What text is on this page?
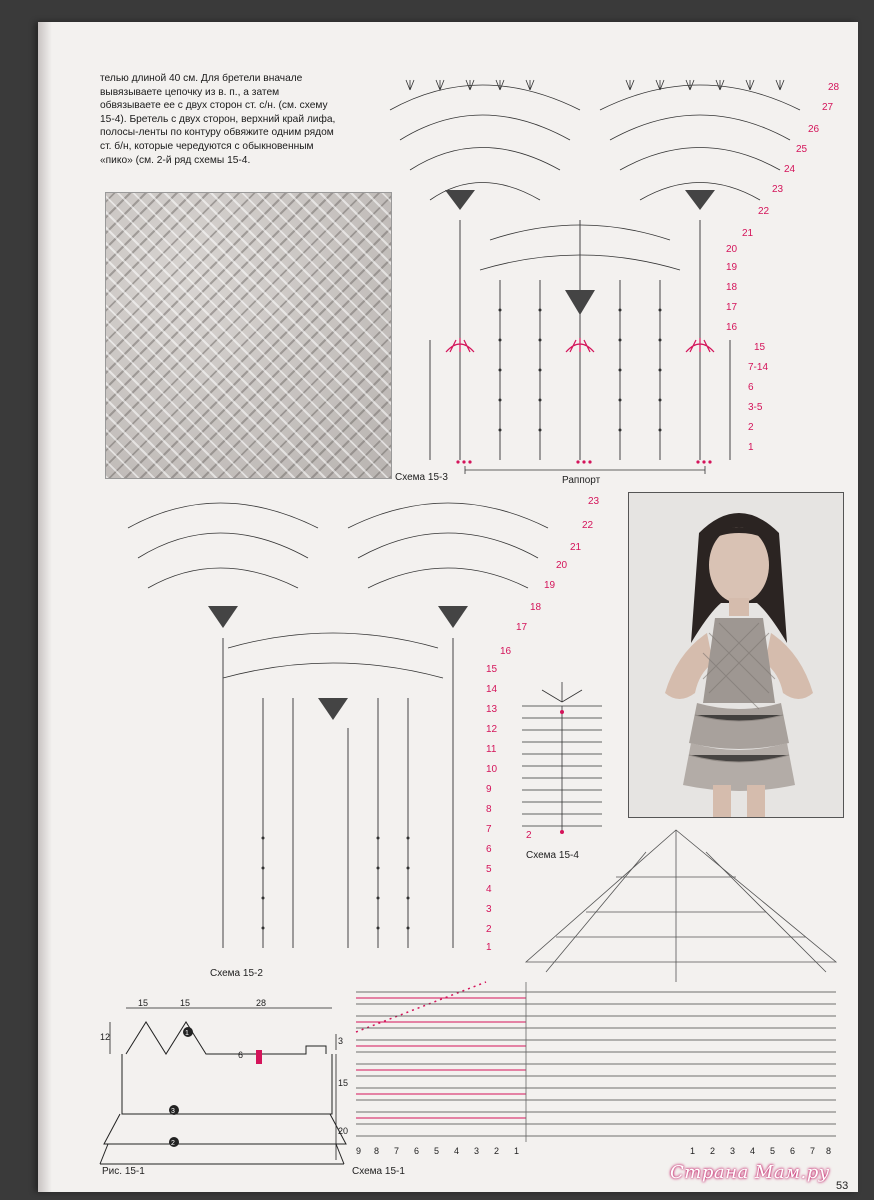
телью длиной 40 см. Для бретели вначале вывязываете цепочку из в. п., а затем обвязываете ее с двух сторон ст. с/н. (см. схему 15-4). Бретель с двух сторон, верхний край лифа, полосы-ленты по контуру обвяжите одним рядом ст. б/н, которые чередуются с обыкновенным «пико» (см. 2-й ряд схемы 15-4.

Раппорт
Схема 15-3
28
27
26
25
24
23
22
21
20
19
18
17
16
15
7-14
6
3-5
2
1
Схема 15-2
23
22
21
20
19
18
17
16
15
14
13
12
11
10
9
8
7
6
5
4
3
2
1
2
Схема 15-4
15	15	28
12
6
3
15
20
1
3
2
Рис. 15-1
9 8 7 6 5 4 3 2 1	1 2 3 4 5 6 7 8
Схема 15-1	Страна Мам.ру
53
